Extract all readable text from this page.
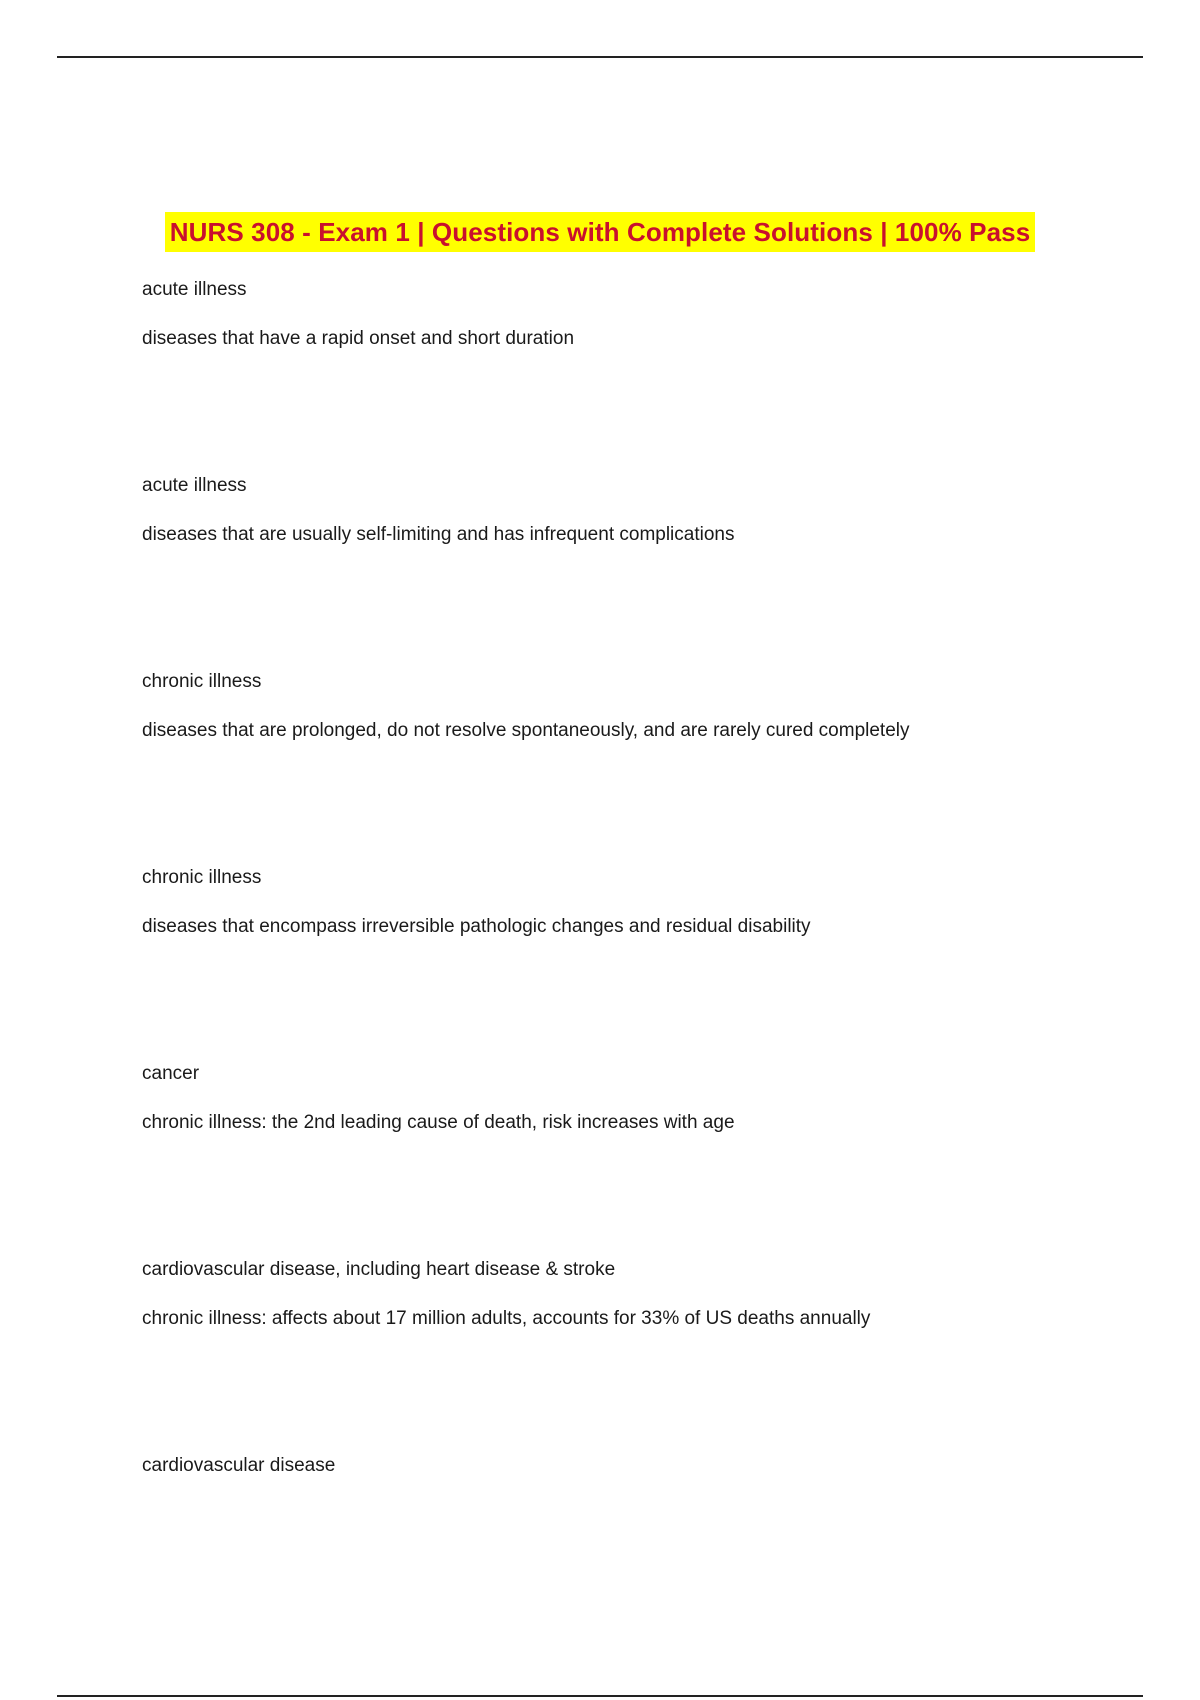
NURS 308 - Exam 1 | Questions with Complete Solutions | 100% Pass
acute illness
diseases that have a rapid onset and short duration
acute illness
diseases that are usually self-limiting and has infrequent complications
chronic illness
diseases that are prolonged, do not resolve spontaneously, and are rarely cured completely
chronic illness
diseases that encompass irreversible pathologic changes and residual disability
cancer
chronic illness: the 2nd leading cause of death, risk increases with age
cardiovascular disease, including heart disease & stroke
chronic illness: affects about 17 million adults, accounts for 33% of US deaths annually
cardiovascular disease
